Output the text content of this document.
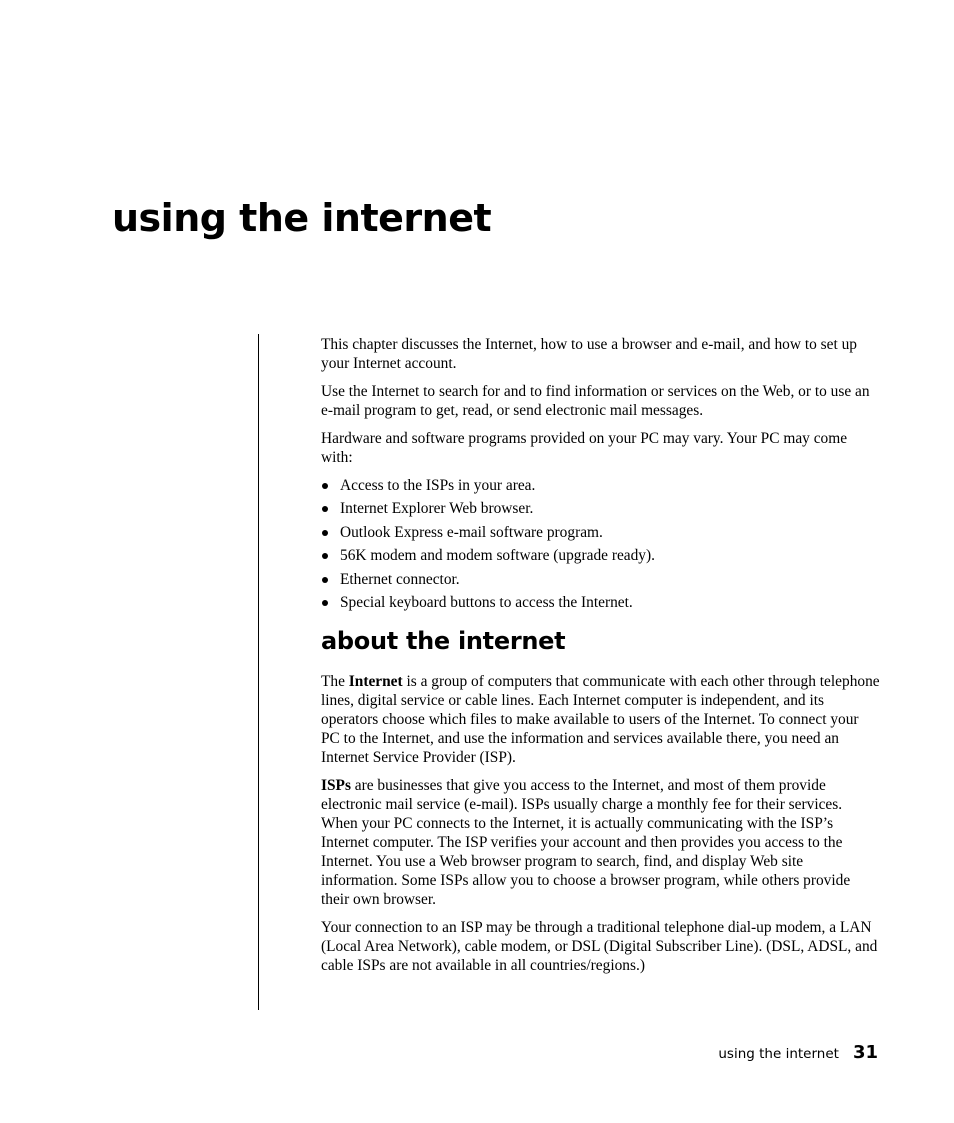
using the internet

This chapter discusses the Internet, how to use a browser and e-mail, and how to set up your Internet account.

Use the Internet to search for and to find information or services on the Web, or to use an e-mail program to get, read, or send electronic mail messages.

Hardware and software programs provided on your PC may vary. Your PC may come with:

Access to the ISPs in your area.
Internet Explorer Web browser.
Outlook Express e-mail software program.
56K modem and modem software (upgrade ready).
Ethernet connector.
Special keyboard buttons to access the Internet.
about the internet

The Internet is a group of computers that communicate with each other through telephone lines, digital service or cable lines. Each Internet computer is independent, and its operators choose which files to make available to users of the Internet. To connect your PC to the Internet, and use the information and services available there, you need an Internet Service Provider (ISP).

ISPs are businesses that give you access to the Internet, and most of them provide electronic mail service (e-mail). ISPs usually charge a monthly fee for their services. When your PC connects to the Internet, it is actually communicating with the ISP’s Internet computer. The ISP verifies your account and then provides you access to the Internet. You use a Web browser program to search, find, and display Web site information. Some ISPs allow you to choose a browser program, while others provide their own browser.

Your connection to an ISP may be through a traditional telephone dial-up modem, a LAN (Local Area Network), cable modem, or DSL (Digital Subscriber Line). (DSL, ADSL, and cable ISPs are not available in all countries/regions.)

using the internet 31
